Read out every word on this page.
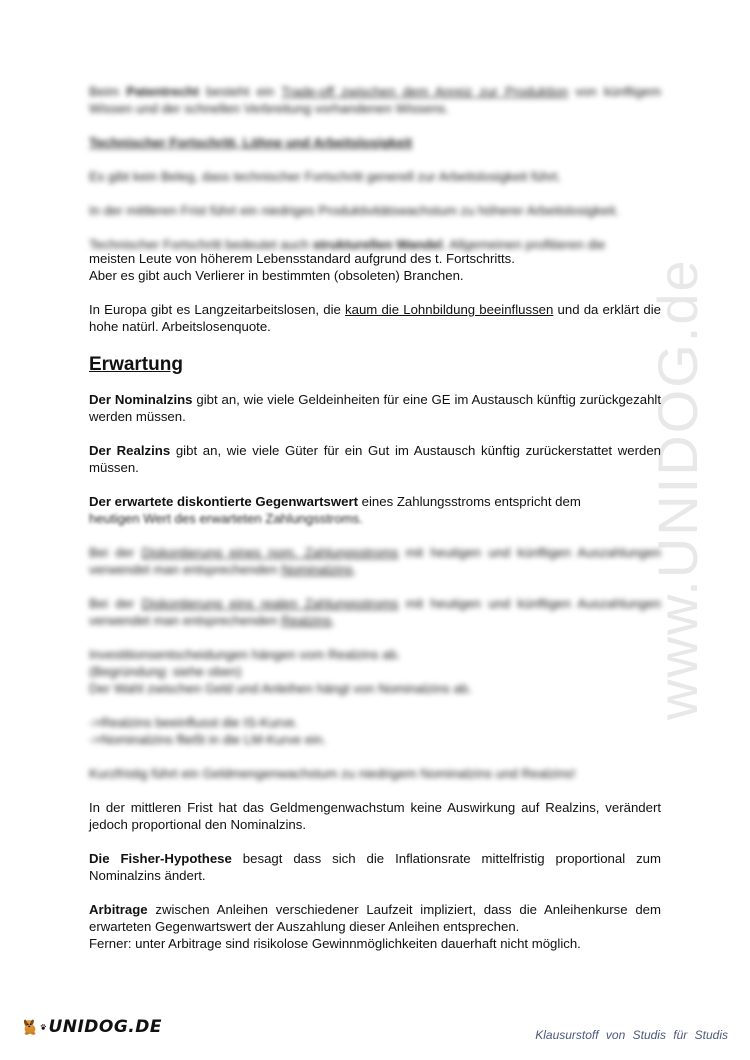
www.UNIDOG.de

Beim Patentrecht besteht ein Trade-off zwischen dem Anreiz zur Produktion von künftigem Wissen und der schnellen Verbreitung vorhandenen Wissens.

Technischer Fortschritt, Löhne und Arbeitslosigkeit

Es gibt kein Beleg, dass technischer Fortschritt generell zur Arbeitslosigkeit führt.

In der mittleren Frist führt ein niedriges Produktivitätswachstum zu höherer Arbeitslosigkeit.

Technischer Fortschritt bedeutet auch strukturellen Wandel. Allgemeinen profitieren die

meisten Leute von höherem Lebensstandard aufgrund des t. Fortschritts.
Aber es gibt auch Verlierer in bestimmten (obsoleten) Branchen.

In Europa gibt es Langzeitarbeitslosen, die kaum die Lohnbildung beeinflussen und da erklärt die hohe natürl. Arbeitslosenquote.

Erwartung

Der Nominalzins gibt an, wie viele Geldeinheiten für eine GE im Austausch künftig zurückgezahlt werden müssen.

Der Realzins gibt an, wie viele Güter für ein Gut im Austausch künftig zurückerstattet werden müssen.

Der erwartete diskontierte Gegenwartswert eines Zahlungsstroms entspricht dem

heutigen Wert des erwarteten Zahlungsstroms.

Bei der Diskontierung eines nom. Zahlungsstroms mit heutigen und künftigen Auszahlungen verwendet man entsprechenden Nominalzins.

Bei der Diskontierung eins realen Zahlungsstroms mit heutigen und künftigen Auszahlungen verwendet man entsprechenden Realzins.

Investitionsentscheidungen hängen vom Realzins ab.
(Begründung: siehe oben)
Der Wahl zwischen Geld und Anleihen hängt von Nominalzins ab.

->Realzins beeinflusst die IS-Kurve.
->Nominalzins fließt in die LM-Kurve ein.

Kurzfristig führt ein Geldmengenwachstum zu niedrigem Nominalzins und Realzins!

In der mittleren Frist hat das Geldmengenwachstum keine Auswirkung auf Realzins, verändert jedoch proportional den Nominalzins.

Die Fisher-Hypothese besagt dass sich die Inflationsrate mittelfristig proportional zum Nominalzins ändert.

Arbitrage zwischen Anleihen verschiedener Laufzeit impliziert, dass die Anleihenkurse dem erwarteten Gegenwartswert der Auszahlung dieser Anleihen entsprechen.
Ferner: unter Arbitrage sind risikolose Gewinnmöglichkeiten dauerhaft nicht möglich.

UNIDOG.DE	Klausurstoff von Studis für Studis
